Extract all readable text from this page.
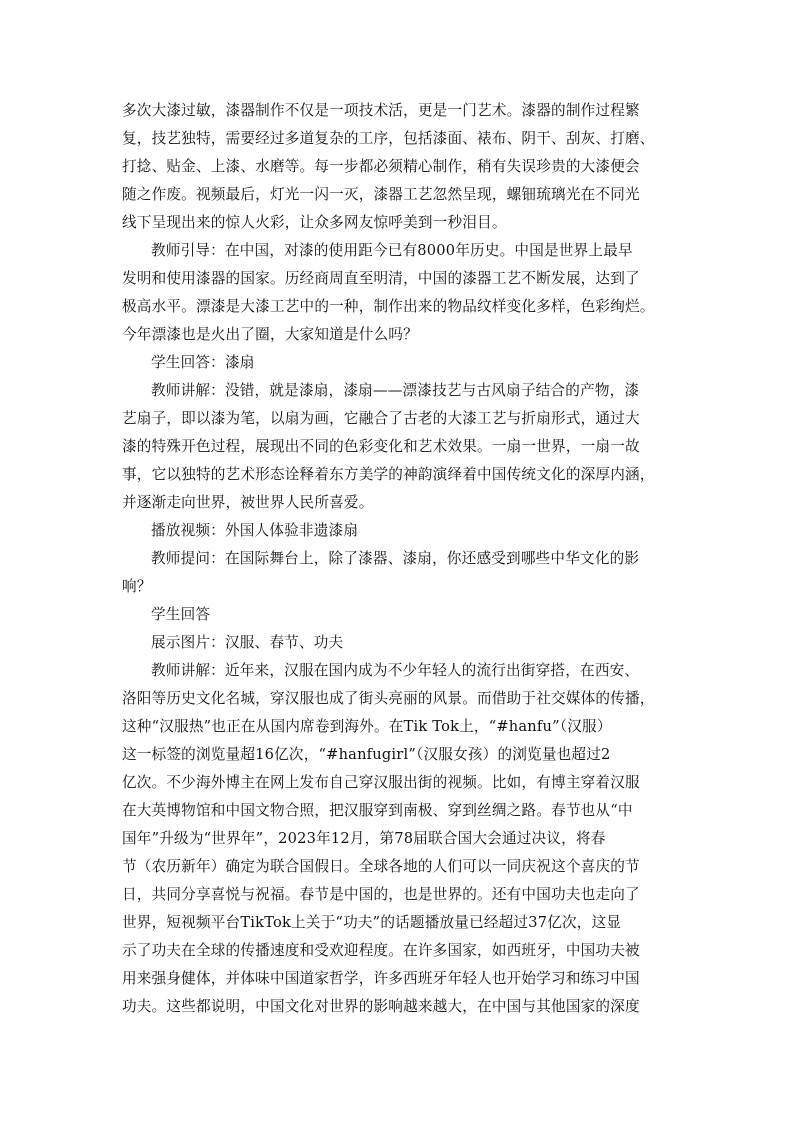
多次大漆过敏，漆器制作不仅是一项技术活，更是一门艺术。漆器的制作过程繁
复，技艺独特，需要经过多道复杂的工序，包括漆面、裱布、阴干、刮灰、打磨、
打捻、贴金、上漆、水磨等。每一步都必须精心制作，稍有失误珍贵的大漆便会
随之作废。视频最后，灯光一闪一灭，漆器工艺忽然呈现，螺钿琉璃光在不同光
线下呈现出来的惊人火彩，让众多网友惊呼美到一秒泪目。
教师引导：在中国，对漆的使用距今已有8000年历史。中国是世界上最早
发明和使用漆器的国家。历经商周直至明清，中国的漆器工艺不断发展，达到了
极高水平。漂漆是大漆工艺中的一种，制作出来的物品纹样变化多样，色彩绚烂。
今年漂漆也是火出了圈，大家知道是什么吗？
学生回答：漆扇
教师讲解：没错，就是漆扇，漆扇——漂漆技艺与古风扇子结合的产物，漆
艺扇子，即以漆为笔，以扇为画，它融合了古老的大漆工艺与折扇形式，通过大
漆的特殊开色过程，展现出不同的色彩变化和艺术效果。一扇一世界，一扇一故
事，它以独特的艺术形态诠释着东方美学的神韵演绎着中国传统文化的深厚内涵，
并逐渐走向世界，被世界人民所喜爱。
播放视频：外国人体验非遗漆扇
教师提问：在国际舞台上，除了漆器、漆扇，你还感受到哪些中华文化的影
响？
学生回答
展示图片：汉服、春节、功夫
教师讲解：近年来，汉服在国内成为不少年轻人的流行出街穿搭，在西安、
洛阳等历史文化名城，穿汉服也成了街头亮丽的风景。而借助于社交媒体的传播，
这种“汉服热”也正在从国内席卷到海外。在Tik Tok上，“#hanfu”（汉服）
这一标签的浏览量超16亿次，“#hanfugirl”（汉服女孩）的浏览量也超过2
亿次。不少海外博主在网上发布自己穿汉服出街的视频。比如，有博主穿着汉服
在大英博物馆和中国文物合照，把汉服穿到南极、穿到丝绸之路。春节也从“中
国年”升级为“世界年”，2023年12月，第78届联合国大会通过决议，将春
节（农历新年）确定为联合国假日。全球各地的人们可以一同庆祝这个喜庆的节
日，共同分享喜悦与祝福。春节是中国的，也是世界的。还有中国功夫也走向了
世界，短视频平台TikTok上关于“功夫”的话题播放量已经超过37亿次，这显
示了功夫在全球的传播速度和受欢迎程度。在许多国家，如西班牙，中国功夫被
用来强身健体，并体味中国道家哲学，许多西班牙年轻人也开始学习和练习中国
功夫。这些都说明，中国文化对世界的影响越来越大，在中国与其他国家的深度
